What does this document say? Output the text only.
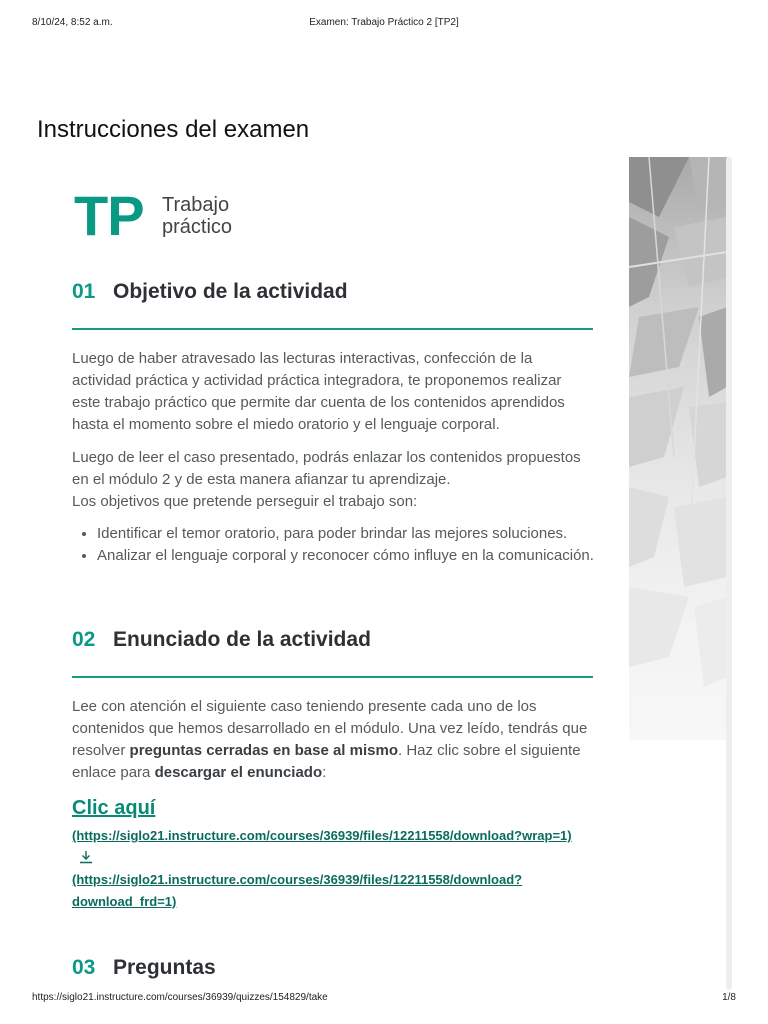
8/10/24, 8:52 a.m.	Examen: Trabajo Práctico 2 [TP2]
Instrucciones del examen
TP Trabajo
práctico
01 Objetivo de la actividad

Luego de haber atravesado las lecturas interactivas, confección de la actividad práctica y actividad práctica integradora, te proponemos realizar este trabajo práctico que permite dar cuenta de los contenidos aprendidos hasta el momento sobre el miedo oratorio y el lenguaje corporal.

Luego de leer el caso presentado, podrás enlazar los contenidos propuestos en el módulo 2 y de esta manera afianzar tu aprendizaje.
Los objetivos que pretende perseguir el trabajo son:
• Identificar el temor oratorio, para poder brindar las mejores soluciones.
• Analizar el lenguaje corporal y reconocer cómo influye en la comunicación.
02 Enunciado de la actividad

Lee con atención el siguiente caso teniendo presente cada uno de los contenidos que hemos desarrollado en el módulo. Una vez leído, tendrás que resolver preguntas cerradas en base al mismo. Haz clic sobre el siguiente enlace para descargar el enunciado:

Clic aquí
(https://siglo21.instructure.com/courses/36939/files/12211558/download?wrap=1)
(https://siglo21.instructure.com/courses/36939/files/12211558/download?download_frd=1)
03 Preguntas
https://siglo21.instructure.com/courses/36939/quizzes/154829/take	1/8
